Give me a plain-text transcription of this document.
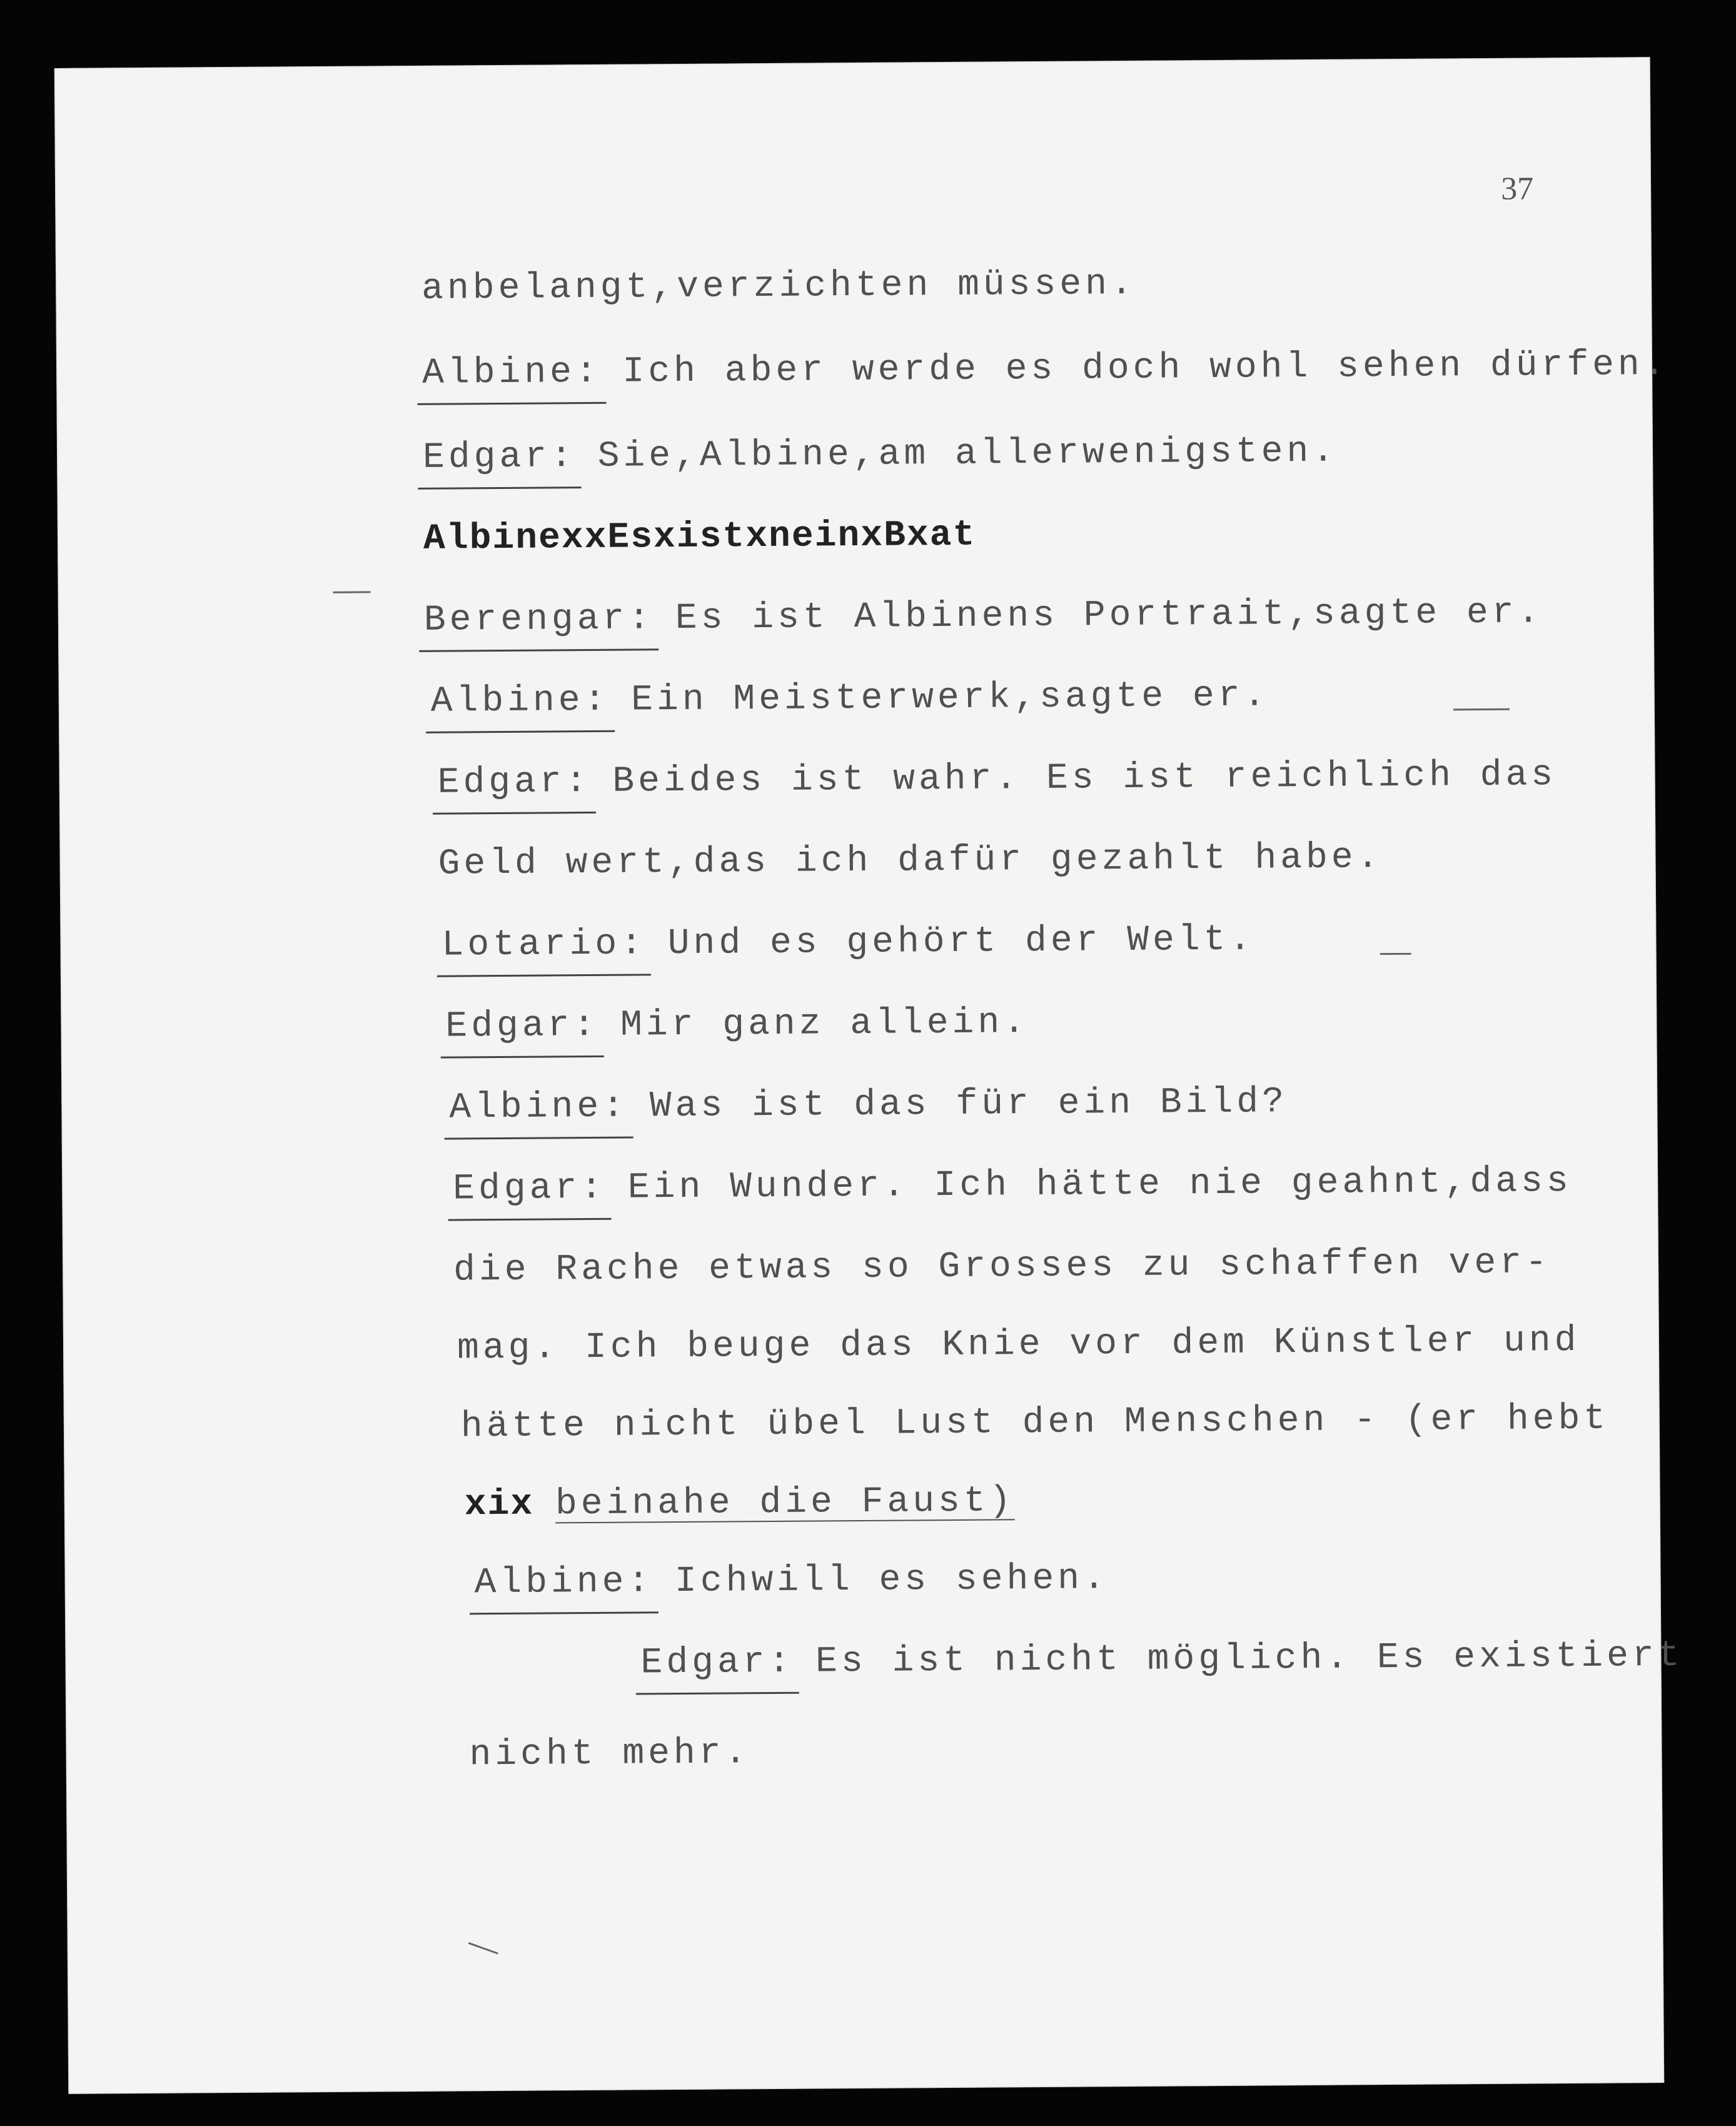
37
anbelangt,verzichten müssen.
Albine: Ich aber werde es doch wohl sehen dürfen.
Edgar: Sie,Albine,am allerwenigsten.
AlbinexxEsxistxneinxBxat
Berengar: Es ist Albinens Portrait,sagte er.
Albine: Ein Meisterwerk,sagte er.
Edgar: Beides ist wahr. Es ist reichlich das
Geld wert,das ich dafür gezahlt habe.
Lotario: Und es gehört der Welt.
Edgar: Mir ganz allein.
Albine: Was ist das für ein Bild?
Edgar: Ein Wunder. Ich hätte nie geahnt,dass
die Rache etwas so Grosses zu schaffen ver-
mag. Ich beuge das Knie vor dem Künstler und
hätte nicht übel Lust den Menschen - (er hebt
xix beinahe die Faust)
Albine: Ichwill es sehen.
Edgar: Es ist nicht möglich. Es existiert
nicht mehr.
